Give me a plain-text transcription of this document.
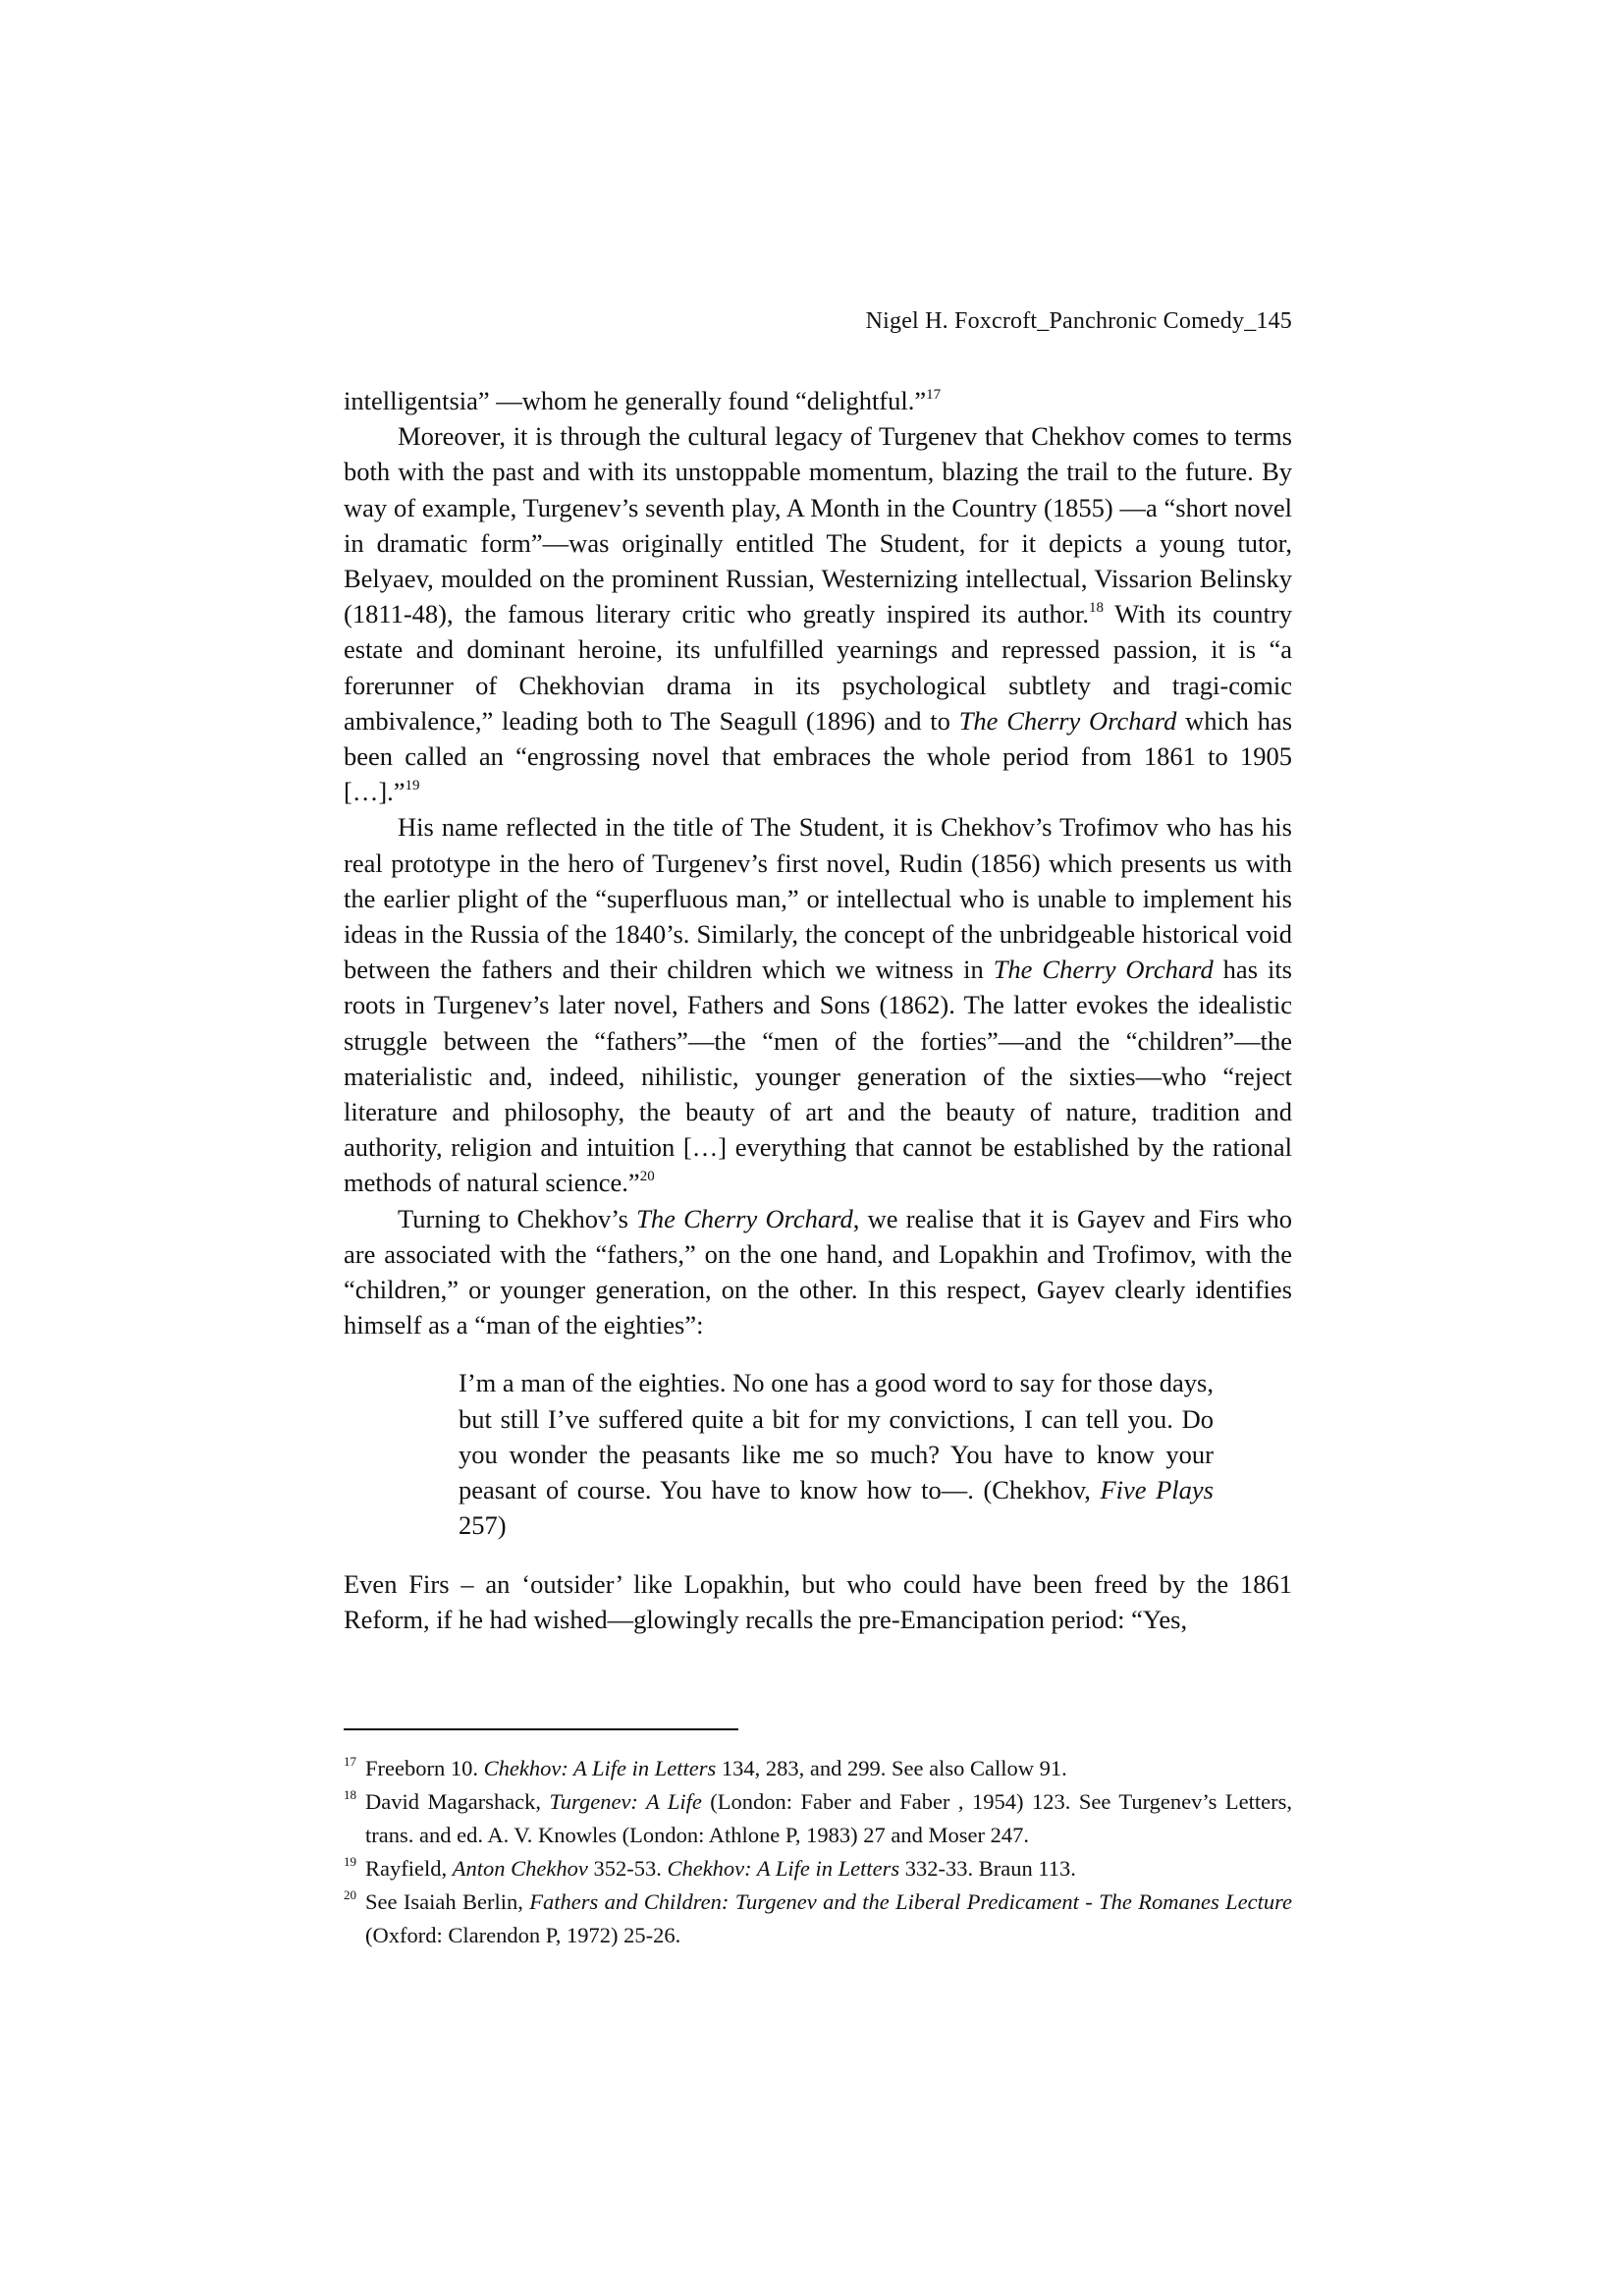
Nigel H. Foxcroft_Panchronic Comedy_145

intelligentsia” —whom he generally found “delightful.”$^{17}$

Moreover, it is through the cultural legacy of Turgenev that Chekhov comes to terms both with the past and with its unstoppable momentum, blazing the trail to the future. By way of example, Turgenev’s seventh play, A Month in the Country (1855) —a “short novel in dramatic form”—was originally entitled The Student, for it depicts a young tutor, Belyaev, moulded on the prominent Russian, Westernizing intellectual, Vissarion Belinsky (1811-48), the famous literary critic who greatly inspired its author.$^{18}$ With its country estate and dominant heroine, its unfulfilled yearnings and repressed passion, it is “a forerunner of Chekhovian drama in its psychological subtlety and tragi-comic ambivalence,” leading both to The Seagull (1896) and to The Cherry Orchard which has been called an “engrossing novel that embraces the whole period from 1861 to 1905 […].”$^{19}$

His name reflected in the title of The Student, it is Chekhov’s Trofimov who has his real prototype in the hero of Turgenev’s first novel, Rudin (1856) which presents us with the earlier plight of the “superfluous man,” or intellectual who is unable to implement his ideas in the Russia of the 1840’s. Similarly, the concept of the unbridgeable historical void between the fathers and their children which we witness in The Cherry Orchard has its roots in Turgenev’s later novel, Fathers and Sons (1862). The latter evokes the idealistic struggle between the “fathers”—the “men of the forties”—and the “children”—the materialistic and, indeed, nihilistic, younger generation of the sixties—who “reject literature and philosophy, the beauty of art and the beauty of nature, tradition and authority, religion and intuition […] everything that cannot be established by the rational methods of natural science.”$^{20}$

Turning to Chekhov’s The Cherry Orchard, we realise that it is Gayev and Firs who are associated with the “fathers,” on the one hand, and Lopakhin and Trofimov, with the “children,” or younger generation, on the other. In this respect, Gayev clearly identifies himself as a “man of the eighties”:

I’m a man of the eighties. No one has a good word to say for those days, but still I’ve suffered quite a bit for my convictions, I can tell you. Do you wonder the peasants like me so much? You have to know your peasant of course. You have to know how to—. (Chekhov, Five Plays 257)

Even Firs – an ‘outsider’ like Lopakhin, but who could have been freed by the 1861 Reform, if he had wished—glowingly recalls the pre-Emancipation period: “Yes,

$^{17}$ Freeborn 10. Chekhov: A Life in Letters 134, 283, and 299. See also Callow 91.

$^{18}$ David Magarshack, Turgenev: A Life (London: Faber and Faber , 1954) 123. See Turgenev’s Letters, trans. and ed. A. V. Knowles (London: Athlone P, 1983) 27 and Moser 247.

$^{19}$ Rayfield, Anton Chekhov 352-53. Chekhov: A Life in Letters 332-33. Braun 113.

$^{20}$ See Isaiah Berlin, Fathers and Children: Turgenev and the Liberal Predicament - The Romanes Lecture (Oxford: Clarendon P, 1972) 25-26.
